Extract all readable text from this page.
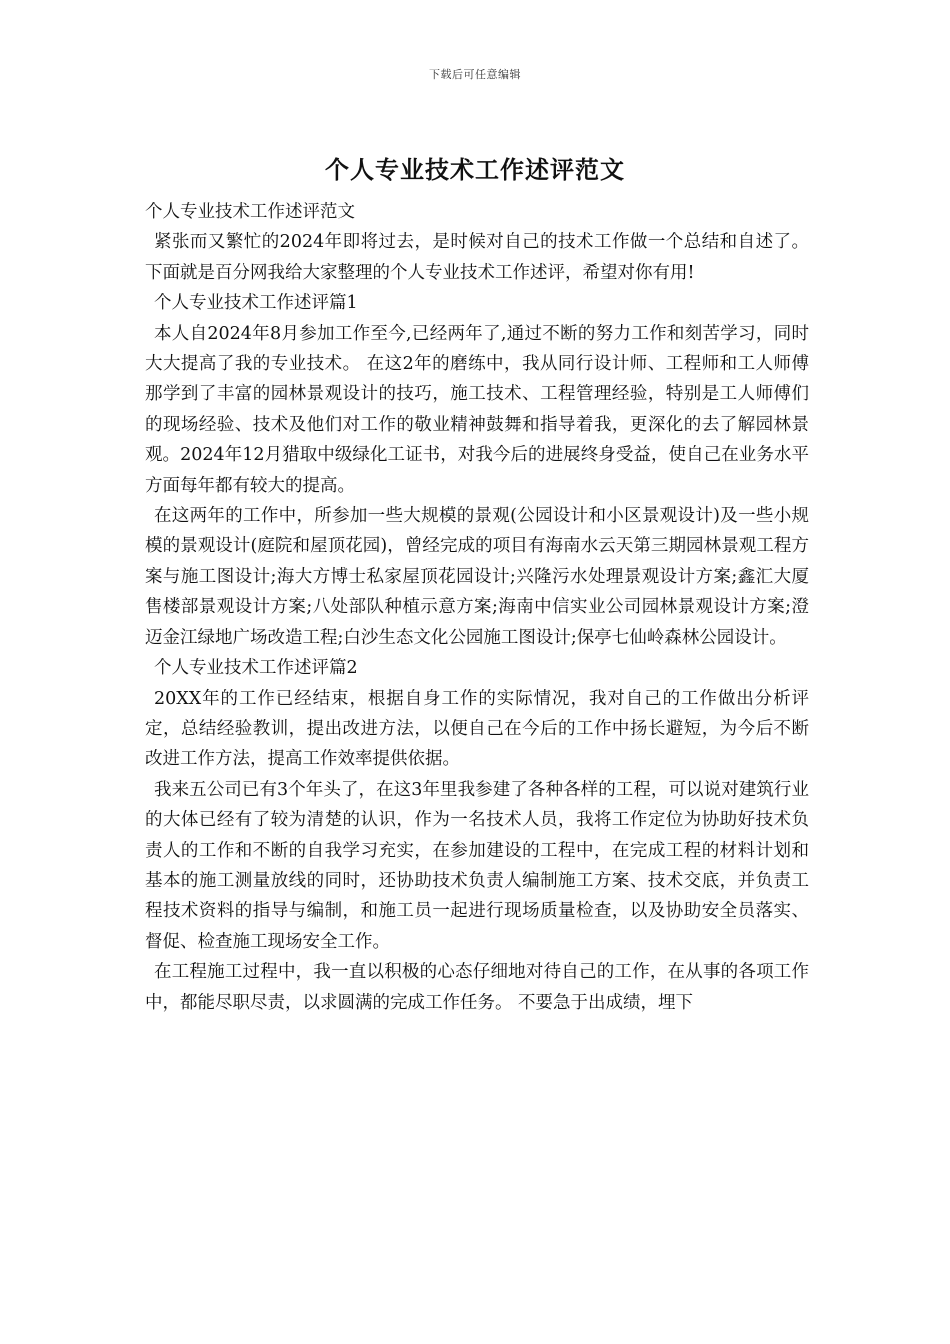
下载后可任意编辑
个人专业技术工作述评范文

个人专业技术工作述评范文

紧张而又繁忙的2024年即将过去，是时候对自己的技术工作做一个总结和自述了。下面就是百分网我给大家整理的个人专业技术工作述评，希望对你有用!

个人专业技术工作述评篇1

本人自2024年8月参加工作至今,已经两年了,通过不断的努力工作和刻苦学习，同时大大提高了我的专业技术。 在这2年的磨练中，我从同行设计师、工程师和工人师傅那学到了丰富的园林景观设计的技巧，施工技术、工程管理经验，特别是工人师傅们的现场经验、技术及他们对工作的敬业精神鼓舞和指导着我，更深化的去了解园林景观。2024年12月猎取中级绿化工证书，对我今后的进展终身受益，使自己在业务水平方面每年都有较大的提高。

在这两年的工作中，所参加一些大规模的景观(公园设计和小区景观设计)及一些小规模的景观设计(庭院和屋顶花园)，曾经完成的项目有海南水云天第三期园林景观工程方案与施工图设计;海大方博士私家屋顶花园设计;兴隆污水处理景观设计方案;鑫汇大厦售楼部景观设计方案;八处部队种植示意方案;海南中信实业公司园林景观设计方案;澄迈金江绿地广场改造工程;白沙生态文化公园施工图设计;保亭七仙岭森林公园设计。

个人专业技术工作述评篇2

20XX年的工作已经结束，根据自身工作的实际情况，我对自己的工作做出分析评定，总结经验教训，提出改进方法，以便自己在今后的工作中扬长避短，为今后不断改进工作方法，提高工作效率提供依据。

我来五公司已有3个年头了，在这3年里我参建了各种各样的工程，可以说对建筑行业的大体已经有了较为清楚的认识，作为一名技术人员，我将工作定位为协助好技术负责人的工作和不断的自我学习充实，在参加建设的工程中，在完成工程的材料计划和基本的施工测量放线的同时，还协助技术负责人编制施工方案、技术交底，并负责工程技术资料的指导与编制，和施工员一起进行现场质量检查，以及协助安全员落实、督促、检查施工现场安全工作。

在工程施工过程中，我一直以积极的心态仔细地对待自己的工作，在从事的各项工作中，都能尽职尽责，以求圆满的完成工作任务。 不要急于出成绩，埋下
